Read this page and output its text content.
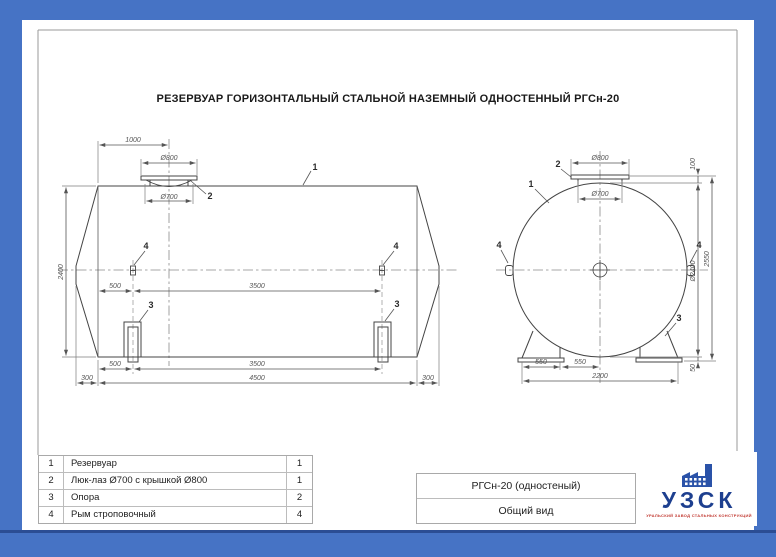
РЕЗЕРВУАР ГОРИЗОНТАЛЬНЫЙ СТАЛЬНОЙ НАЗЕМНЫЙ ОДНОСТЕННЫЙ РГСн-20
1000
Ø800
Ø700
2400
500	3500
500	3500
300	4500	300
Ø800
Ø700
100
Ø2400
2550
50
550	550
2200
1
2
4	4
3	3
2
1
4	4
3
1	Резервуар	1
2	Люк-лаз Ø700 с крышкой Ø800	1
3	Опора	2
4	Рым строповочный	4
РГСн-20 (одностеный)
Общий вид	УЗСК
УРАЛЬСКИЙ ЗАВОД СТАЛЬНЫХ КОНСТРУКЦИЙ
